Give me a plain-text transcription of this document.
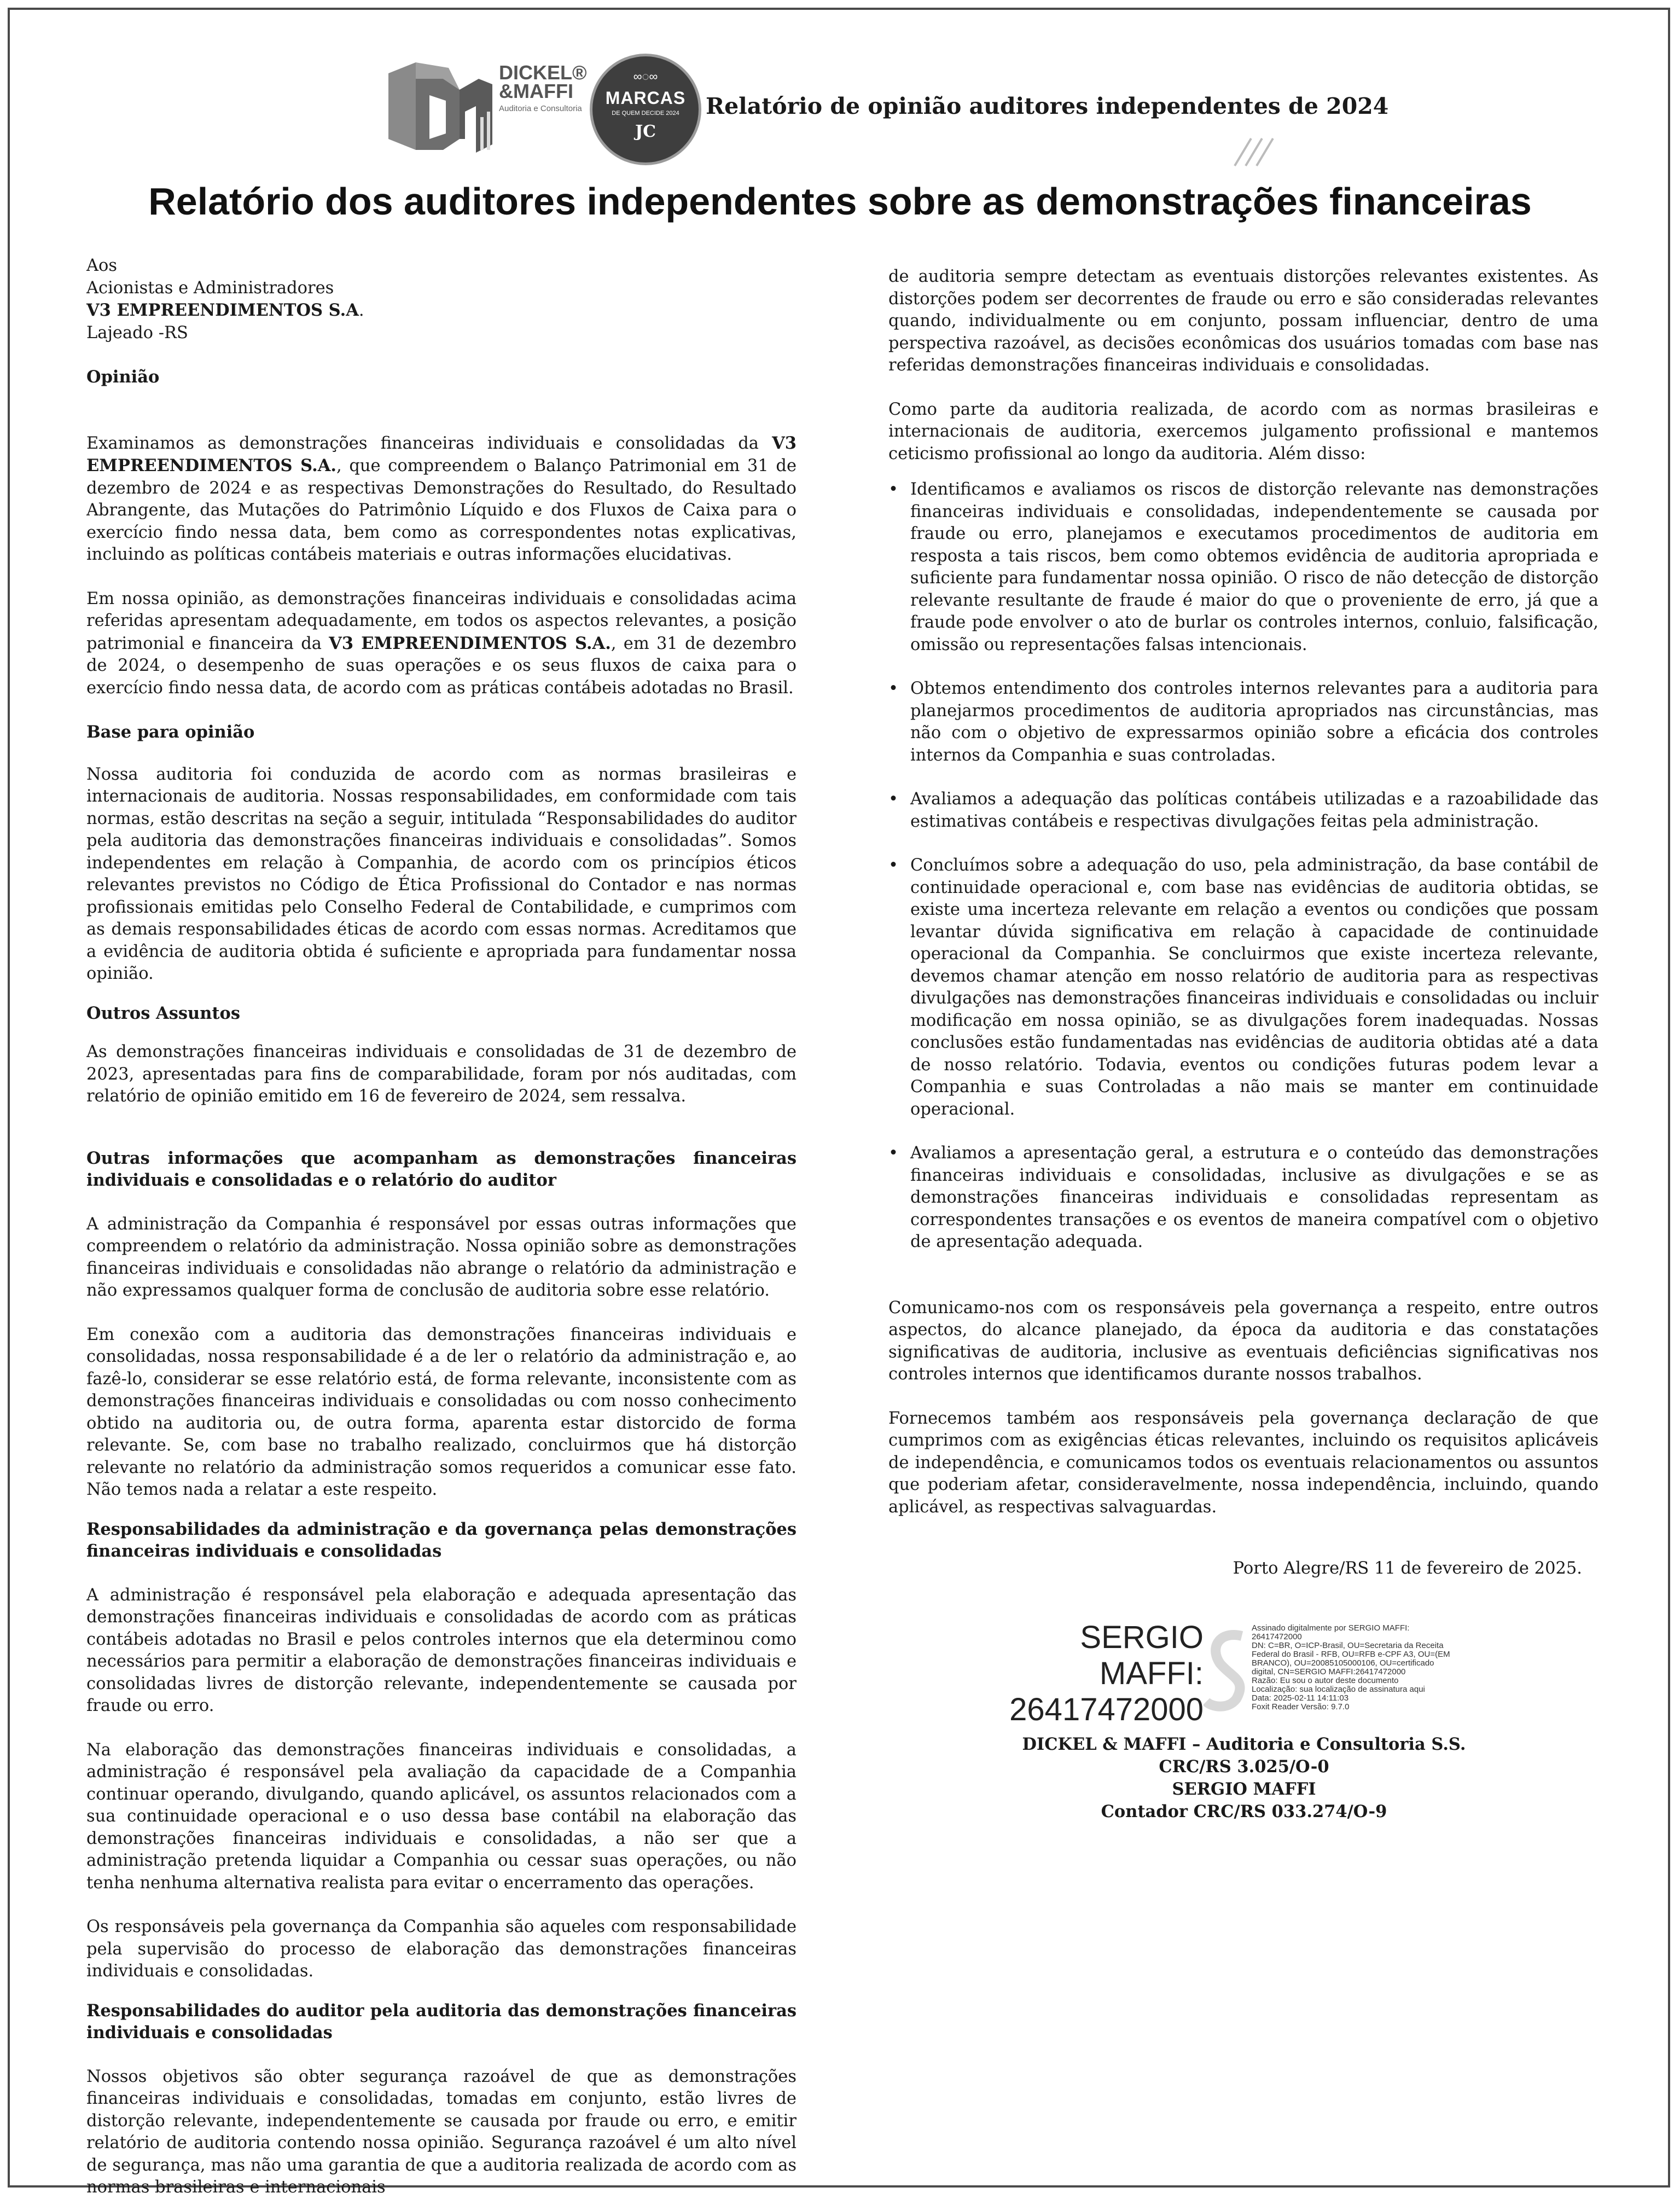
DICKEL® &MAFFI
Auditoria e Consultoria
∞◌∞
MARCAS
DE QUEM DECIDE 2024
JC
Relatório de opinião auditores independentes de 2024
Relatório dos auditores independentes sobre as demonstrações financeiras

Aos

Acionistas e Administradores

V3 EMPREENDIMENTOS S.A.

Lajeado -RS

Opinião

Examinamos as demonstrações financeiras individuais e consolidadas da V3 EMPREENDIMENTOS S.A., que compreendem o Balanço Patrimonial em 31 de dezembro de 2024 e as respectivas Demonstrações do Resultado, do Resultado Abrangente, das Mutações do Patrimônio Líquido e dos Fluxos de Caixa para o exercício findo nessa data, bem como as correspondentes notas explicativas, incluindo as políticas contábeis materiais e outras informações elucidativas.

Em nossa opinião, as demonstrações financeiras individuais e consolidadas acima referidas apresentam adequadamente, em todos os aspectos relevantes, a posição patrimonial e financeira da V3 EMPREENDIMENTOS S.A., em 31 de dezembro de 2024, o desempenho de suas operações e os seus fluxos de caixa para o exercício findo nessa data, de acordo com as práticas contábeis adotadas no Brasil.

Base para opinião

Nossa auditoria foi conduzida de acordo com as normas brasileiras e internacionais de auditoria. Nossas responsabilidades, em conformidade com tais normas, estão descritas na seção a seguir, intitulada “Responsabilidades do auditor pela auditoria das demonstrações financeiras individuais e consolidadas”. Somos independentes em relação à Companhia, de acordo com os princípios éticos relevantes previstos no Código de Ética Profissional do Contador e nas normas profissionais emitidas pelo Conselho Federal de Contabilidade, e cumprimos com as demais responsabilidades éticas de acordo com essas normas. Acreditamos que a evidência de auditoria obtida é suficiente e apropriada para fundamentar nossa opinião.

Outros Assuntos

As demonstrações financeiras individuais e consolidadas de 31 de dezembro de 2023, apresentadas para fins de comparabilidade, foram por nós auditadas, com relatório de opinião emitido em 16 de fevereiro de 2024, sem ressalva.

Outras informações que acompanham as demonstrações financeiras individuais e consolidadas e o relatório do auditor

A administração da Companhia é responsável por essas outras informações que compreendem o relatório da administração. Nossa opinião sobre as demonstrações financeiras individuais e consolidadas não abrange o relatório da administração e não expressamos qualquer forma de conclusão de auditoria sobre esse relatório.

Em conexão com a auditoria das demonstrações financeiras individuais e consolidadas, nossa responsabilidade é a de ler o relatório da administração e, ao fazê-lo, considerar se esse relatório está, de forma relevante, inconsistente com as demonstrações financeiras individuais e consolidadas ou com nosso conhecimento obtido na auditoria ou, de outra forma, aparenta estar distorcido de forma relevante. Se, com base no trabalho realizado, concluirmos que há distorção relevante no relatório da administração somos requeridos a comunicar esse fato. Não temos nada a relatar a este respeito.

Responsabilidades da administração e da governança pelas demonstrações financeiras individuais e consolidadas

A administração é responsável pela elaboração e adequada apresentação das demonstrações financeiras individuais e consolidadas de acordo com as práticas contábeis adotadas no Brasil e pelos controles internos que ela determinou como necessários para permitir a elaboração de demonstrações financeiras individuais e consolidadas livres de distorção relevante, independentemente se causada por fraude ou erro.

Na elaboração das demonstrações financeiras individuais e consolidadas, a administração é responsável pela avaliação da capacidade de a Companhia continuar operando, divulgando, quando aplicável, os assuntos relacionados com a sua continuidade operacional e o uso dessa base contábil na elaboração das demonstrações financeiras individuais e consolidadas, a não ser que a administração pretenda liquidar a Companhia ou cessar suas operações, ou não tenha nenhuma alternativa realista para evitar o encerramento das operações.

Os responsáveis pela governança da Companhia são aqueles com responsabilidade pela supervisão do processo de elaboração das demonstrações financeiras individuais e consolidadas.

Responsabilidades do auditor pela auditoria das demonstrações financeiras individuais e consolidadas

Nossos objetivos são obter segurança razoável de que as demonstrações financeiras individuais e consolidadas, tomadas em conjunto, estão livres de distorção relevante, independentemente se causada por fraude ou erro, e emitir relatório de auditoria contendo nossa opinião. Segurança razoável é um alto nível de segurança, mas não uma garantia de que a auditoria realizada de acordo com as normas brasileiras e internacionais

de auditoria sempre detectam as eventuais distorções relevantes existentes. As distorções podem ser decorrentes de fraude ou erro e são consideradas relevantes quando, individualmente ou em conjunto, possam influenciar, dentro de uma perspectiva razoável, as decisões econômicas dos usuários tomadas com base nas referidas demonstrações financeiras individuais e consolidadas.

Como parte da auditoria realizada, de acordo com as normas brasileiras e internacionais de auditoria, exercemos julgamento profissional e mantemos ceticismo profissional ao longo da auditoria. Além disso:

• Identificamos e avaliamos os riscos de distorção relevante nas demonstrações financeiras individuais e consolidadas, independentemente se causada por fraude ou erro, planejamos e executamos procedimentos de auditoria em resposta a tais riscos, bem como obtemos evidência de auditoria apropriada e suficiente para fundamentar nossa opinião. O risco de não detecção de distorção relevante resultante de fraude é maior do que o proveniente de erro, já que a fraude pode envolver o ato de burlar os controles internos, conluio, falsificação, omissão ou representações falsas intencionais.
• Obtemos entendimento dos controles internos relevantes para a auditoria para planejarmos procedimentos de auditoria apropriados nas circunstâncias, mas não com o objetivo de expressarmos opinião sobre a eficácia dos controles internos da Companhia e suas controladas.
• Avaliamos a adequação das políticas contábeis utilizadas e a razoabilidade das estimativas contábeis e respectivas divulgações feitas pela administração.
• Concluímos sobre a adequação do uso, pela administração, da base contábil de continuidade operacional e, com base nas evidências de auditoria obtidas, se existe uma incerteza relevante em relação a eventos ou condições que possam levantar dúvida significativa em relação à capacidade de continuidade operacional da Companhia. Se concluirmos que existe incerteza relevante, devemos chamar atenção em nosso relatório de auditoria para as respectivas divulgações nas demonstrações financeiras individuais e consolidadas ou incluir modificação em nossa opinião, se as divulgações forem inadequadas. Nossas conclusões estão fundamentadas nas evidências de auditoria obtidas até a data de nosso relatório. Todavia, eventos ou condições futuras podem levar a Companhia e suas Controladas a não mais se manter em continuidade operacional.
• Avaliamos a apresentação geral, a estrutura e o conteúdo das demonstrações financeiras individuais e consolidadas, inclusive as divulgações e se as demonstrações financeiras individuais e consolidadas representam as correspondentes transações e os eventos de maneira compatível com o objetivo de apresentação adequada.

Comunicamo-nos com os responsáveis pela governança a respeito, entre outros aspectos, do alcance planejado, da época da auditoria e das constatações significativas de auditoria, inclusive as eventuais deficiências significativas nos controles internos que identificamos durante nossos trabalhos.

Fornecemos também aos responsáveis pela governança declaração de que cumprimos com as exigências éticas relevantes, incluindo os requisitos aplicáveis de independência, e comunicamos todos os eventuais relacionamentos ou assuntos que poderiam afetar, consideravelmente, nossa independência, incluindo, quando aplicável, as respectivas salvaguardas.

Porto Alegre/RS 11 de fevereiro de 2025.

SERGIO
MAFFI:
26417472000
Assinado digitalmente por SERGIO MAFFI:
26417472000
DN: C=BR, O=ICP-Brasil, OU=Secretaria da Receita
Federal do Brasil - RFB, OU=RFB e-CPF A3, OU=(EM
BRANCO), OU=20085105000106, OU=certificado
digital, CN=SERGIO MAFFI:26417472000
Razão: Eu sou o autor deste documento
Localização: sua localização de assinatura aqui
Data: 2025-02-11 14:11:03
Foxit Reader Versão: 9.7.0
DICKEL & MAFFI – Auditoria e Consultoria S.S.
CRC/RS 3.025/O-0
SERGIO MAFFI
Contador CRC/RS 033.274/O-9
